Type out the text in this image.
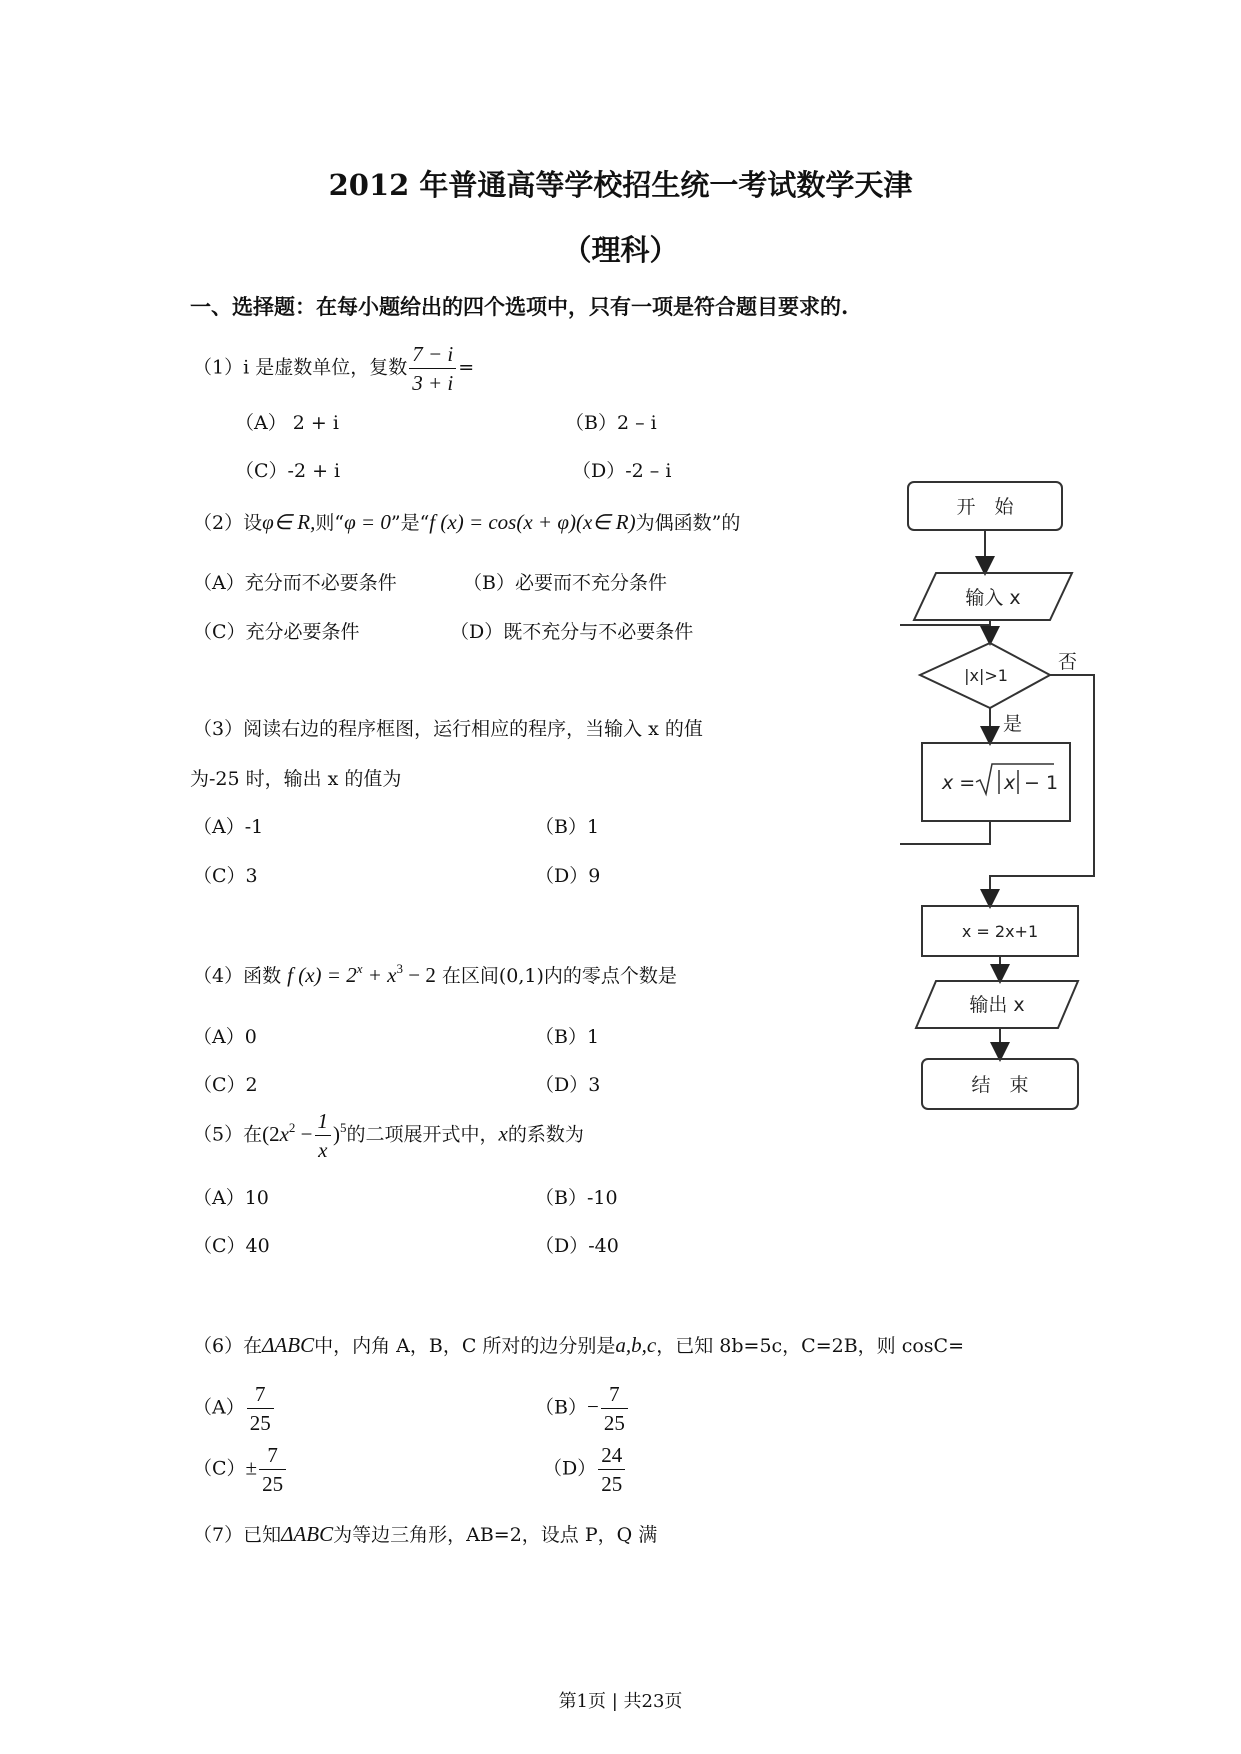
2012 年普通高等学校招生统一考试数学天津
（理科）
一、选择题：在每小题给出的四个选项中，只有一项是符合题目要求的.
（1）i 是虚数单位，复数 $\frac{7 - i}{3 + i}$ =
（A） 2 + i	（B）2 – i
（C）-2 + i	（D）-2 – i
（2）设φ∈ R,则“φ = 0”是“f (x) = cos(x + φ)(x∈ R)为偶函数”的
（A）充分而不必要条件	（B）必要而不充分条件
（C）充分必要条件	（D）既不充分与不必要条件
（3）阅读右边的程序框图，运行相应的程序，当输入 x 的值
为-25 时，输出 x 的值为
（A）-1	（B）1
（C）3	（D）9
（4）函数 f $(x) = 2^x + x^3 - 2$ 在区间(0,1)内的零点个数是
（A）0	（B）1
（C）2	（D）3
（5）在$(2x^2 - \frac{1}{x} )^5$的二项展开式中，x的系数为
（A）10	（B）-10
（C）40	（D）-40
（6）在ΔABC中，内角 A，B，C 所对的边分别是a,b,c，已知 8b=5c，C=2B，则 cosC=
$(A) \frac{7}{25}$	$(B)- \frac{7}{25}$
$(C)\pm \frac{7}{25}$	$(D) \frac{24}{25}$
（7）已知ΔABC为等边三角形，AB=2，设点 P，Q 满
开　始
输入 x
|x|>1
是
否
x = x − 1
x = 2x+1
输出 x
结　束
第1页 | 共23页
